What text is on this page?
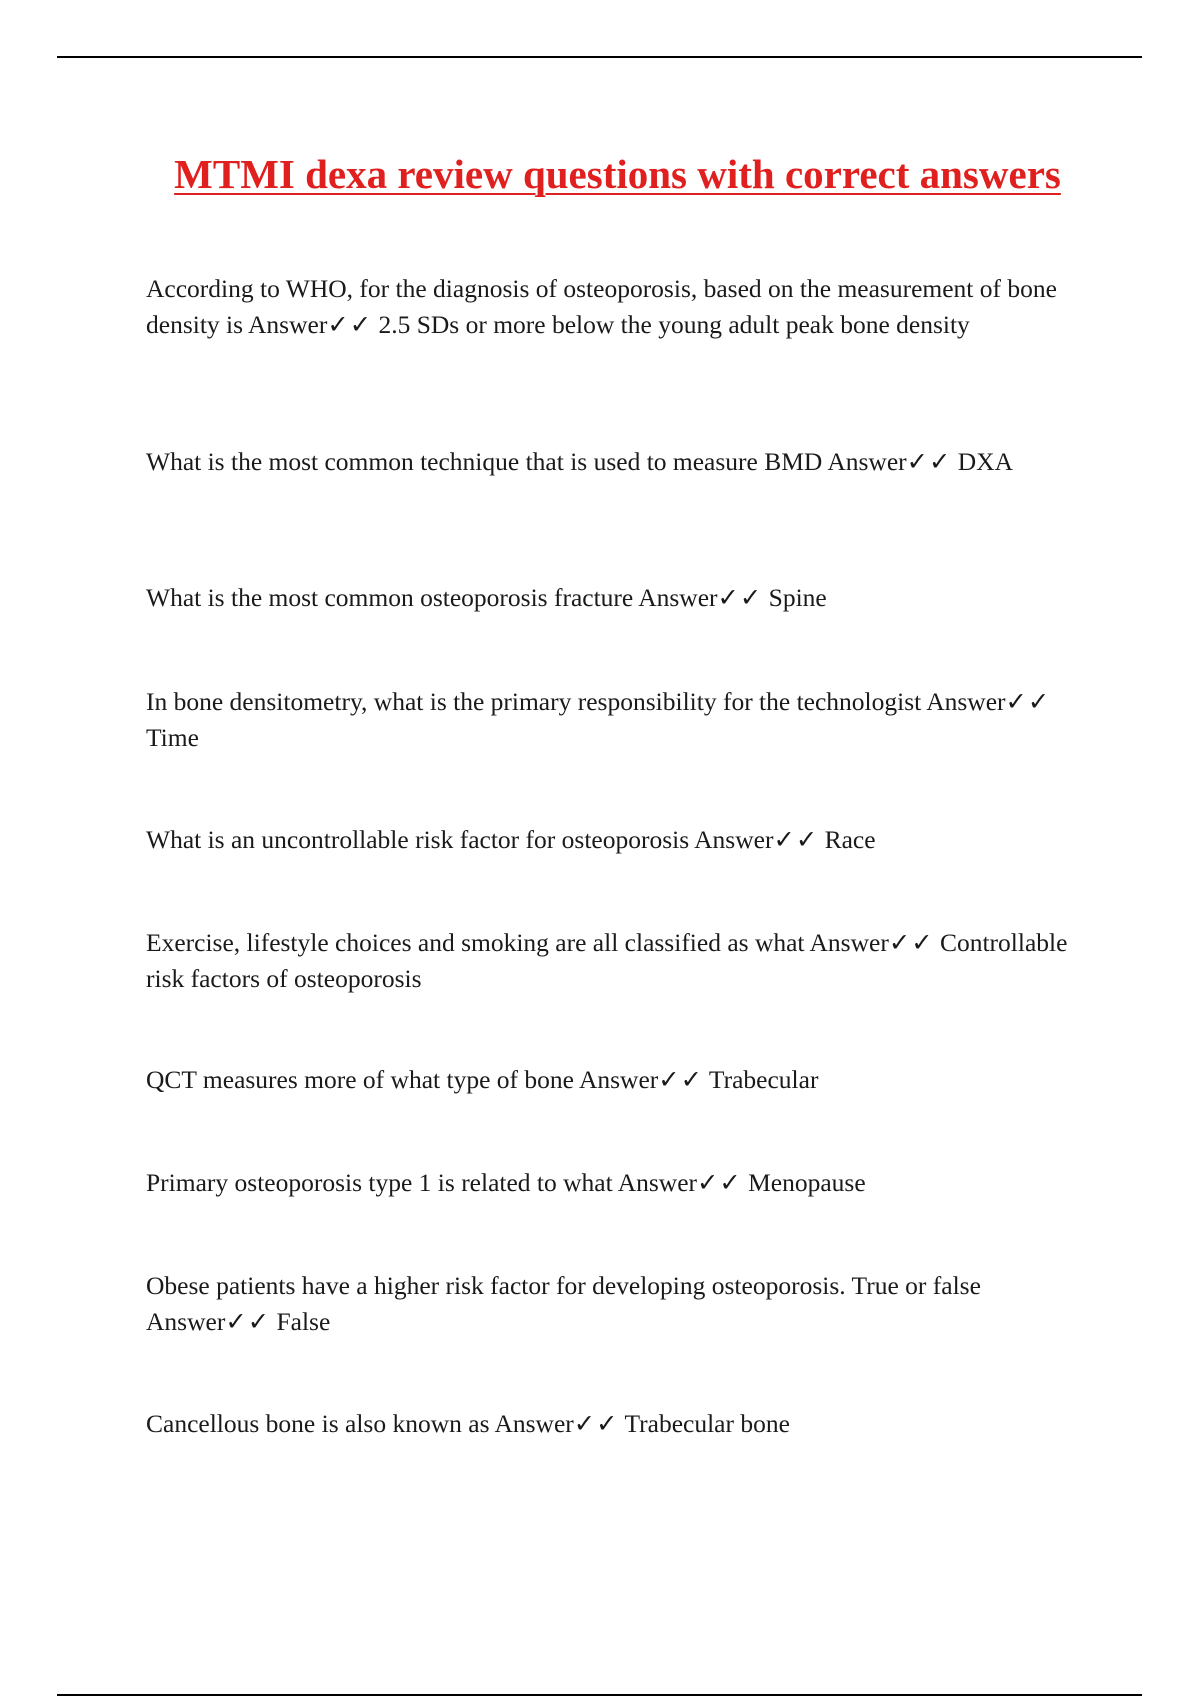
MTMI dexa review questions with correct answers

According to WHO, for the diagnosis of osteoporosis, based on the measurement of bone density is Answer✓✓ 2.5 SDs or more below the young adult peak bone density

What is the most common technique that is used to measure BMD Answer✓✓ DXA

What is the most common osteoporosis fracture Answer✓✓ Spine

In bone densitometry, what is the primary responsibility for the technologist Answer✓✓ Time

What is an uncontrollable risk factor for osteoporosis Answer✓✓ Race

Exercise, lifestyle choices and smoking are all classified as what Answer✓✓ Controllable risk factors of osteoporosis

QCT measures more of what type of bone Answer✓✓ Trabecular

Primary osteoporosis type 1 is related to what Answer✓✓ Menopause

Obese patients have a higher risk factor for developing osteoporosis. True or false Answer✓✓ False

Cancellous bone is also known as Answer✓✓ Trabecular bone
